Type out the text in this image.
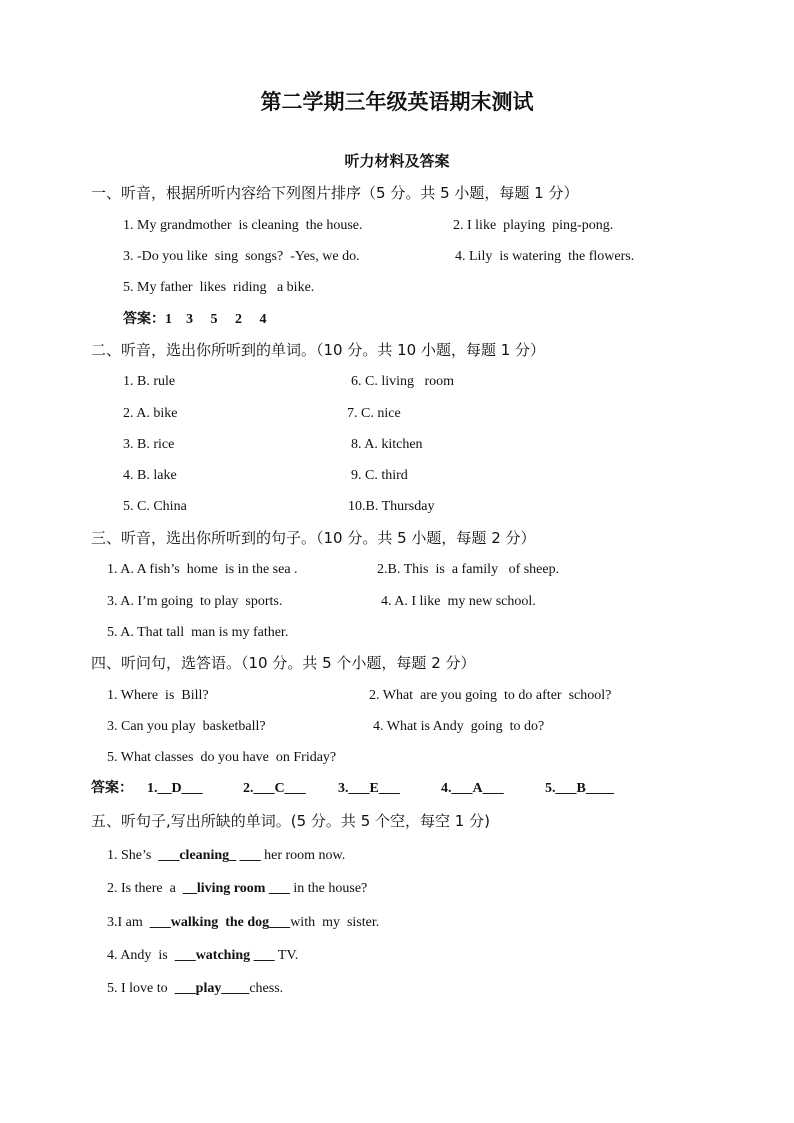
第二学期三年级英语期末测试
听力材料及答案
一、听音，根据所听内容给下列图片排序（5 分。共 5 小题，每题 1 分）
1. My grandmother  is cleaning  the house.	2. I like  playing  ping-pong.
3. -Do you like  sing  songs?  -Yes, we do.	4. Lily  is watering  the flowers.
5. My father  likes  riding   a bike.
答案：1    3     5     2     4
二、听音，选出你所听到的单词。（10 分。共 10 小题，每题 1 分）
1. B. rule	6. C. living   room
2. A. bike	7. C. nice
3. B. rice	8. A. kitchen
4. B. lake	9. C. third
5. C. China	10.B. Thursday
三、听音，选出你所听到的句子。（10 分。共 5 小题，每题 2 分）
1. A. A fish’s  home  is in the sea .	2.B. This  is  a family   of sheep.
3. A. I’m going  to play  sports.	4. A. I like  my new school.
5. A. That tall  man is my father.
四、听问句，选答语。（10 分。共 5 个小题，每题 2 分）
1. Where  is  Bill?	2. What  are you going  to do after  school?
3. Can you play  basketball?	4. What is Andy  going  to do?
5. What classes  do you have  on Friday?
答案： 1.__D___	2.___C___ 3.___E___	4.___A___	5.___B____
五、听句子,写出所缺的单词。(5 分。共 5 个空，每空 1 分)
1. She’s  ___cleaning_ ___ her room now.
2. Is there  a  __living room ___ in the house?
3.I am  ___walking  the dog___with  my  sister.
4. Andy  is  ___watching ___ TV.
5. I love to  ___play____chess.
